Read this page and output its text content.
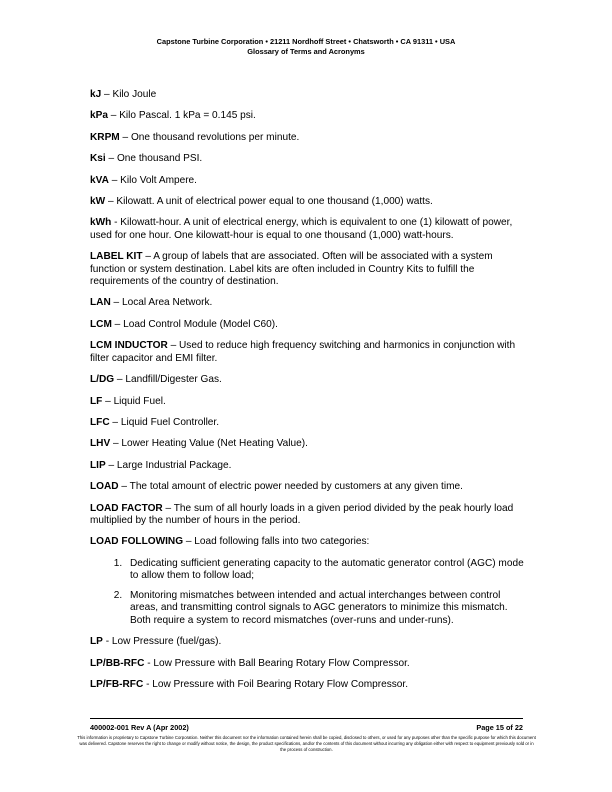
Capstone Turbine Corporation • 21211 Nordhoff Street • Chatsworth • CA 91311 • USA
Glossary of Terms and Acronyms

kJ – Kilo Joule

kPa – Kilo Pascal. 1 kPa = 0.145 psi.

KRPM – One thousand revolutions per minute.

Ksi – One thousand PSI.

kVA – Kilo Volt Ampere.

kW – Kilowatt. A unit of electrical power equal to one thousand (1,000) watts.

kWh - Kilowatt-hour. A unit of electrical energy, which is equivalent to one (1) kilowatt of power, used for one hour. One kilowatt-hour is equal to one thousand (1,000) watt-hours.

LABEL KIT – A group of labels that are associated. Often will be associated with a system function or system destination. Label kits are often included in Country Kits to fulfill the requirements of the country of destination.

LAN – Local Area Network.

LCM – Load Control Module (Model C60).

LCM INDUCTOR – Used to reduce high frequency switching and harmonics in conjunction with filter capacitor and EMI filter.

L/DG – Landfill/Digester Gas.

LF – Liquid Fuel.

LFC – Liquid Fuel Controller.

LHV – Lower Heating Value (Net Heating Value).

LIP – Large Industrial Package.

LOAD – The total amount of electric power needed by customers at any given time.

LOAD FACTOR – The sum of all hourly loads in a given period divided by the peak hourly load multiplied by the number of hours in the period.

LOAD FOLLOWING – Load following falls into two categories:

1. Dedicating sufficient generating capacity to the automatic generator control (AGC) mode to allow them to follow load;
2. Monitoring mismatches between intended and actual interchanges between control areas, and transmitting control signals to AGC generators to minimize this mismatch. Both require a system to record mismatches (over-runs and under-runs).

LP - Low Pressure (fuel/gas).

LP/BB-RFC - Low Pressure with Ball Bearing Rotary Flow Compressor.

LP/FB-RFC - Low Pressure with Foil Bearing Rotary Flow Compressor.

400002-001 Rev A (Apr 2002)	Page 15 of 22
This information is proprietary to Capstone Turbine Corporation. Neither this document nor the information contained herein shall be copied, disclosed to others, or used for any purposes other than the specific purpose for which this document was delivered. Capstone reserves the right to change or modify without notice, the design, the product specifications, and/or the contents of this document without incurring any obligation either with respect to equipment previously sold or in the process of construction.
